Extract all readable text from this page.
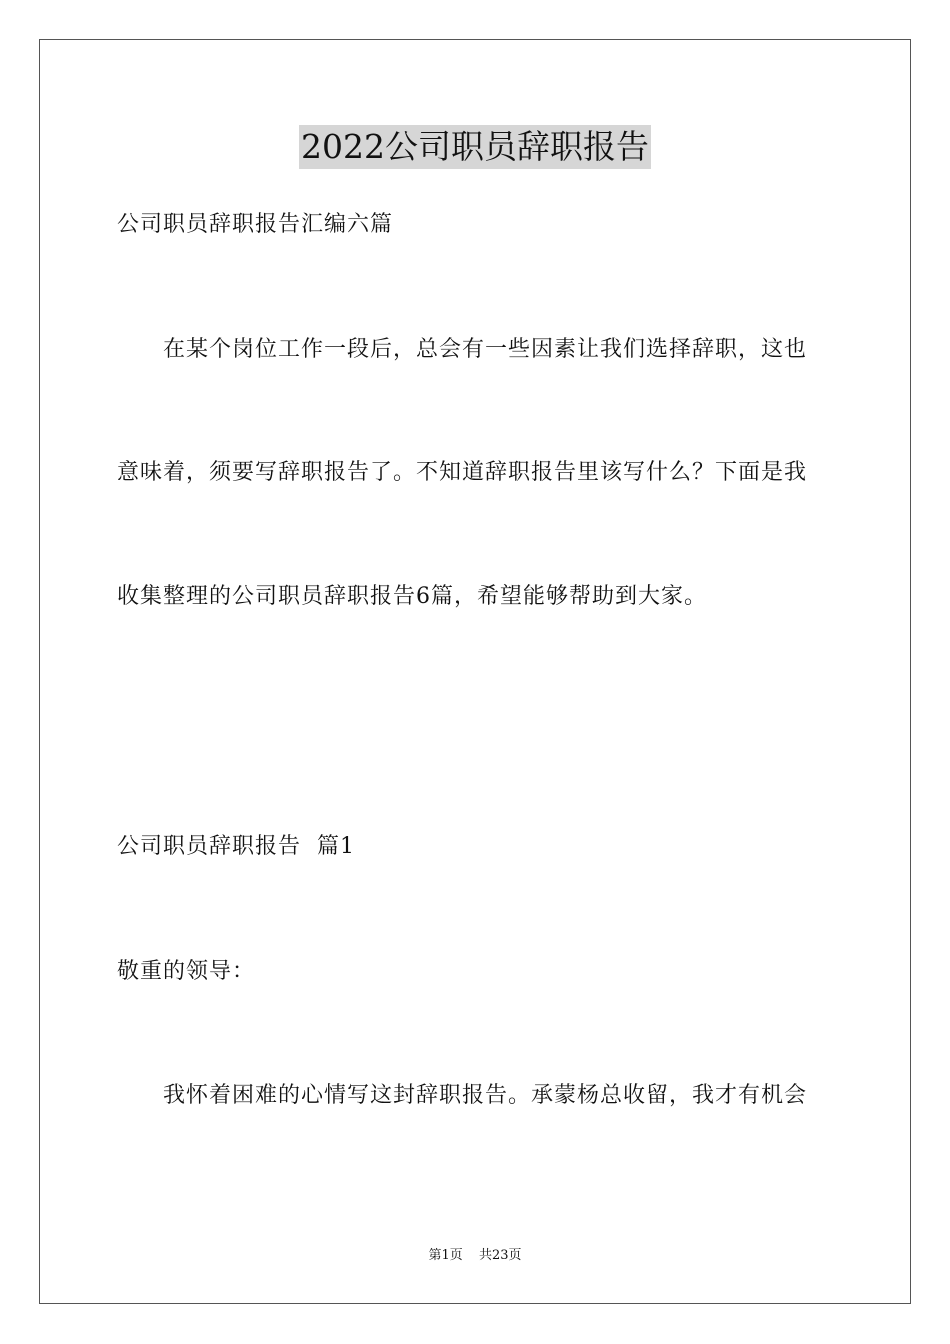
2022公司职员辞职报告
公司职员辞职报告汇编六篇
在某个岗位工作一段后，总会有一些因素让我们选择辞职，这也
意味着，须要写辞职报告了。不知道辞职报告里该写什么？下面是我
收集整理的公司职员辞职报告6篇，希望能够帮助到大家。
公司职员辞职报告  篇1
敬重的领导：
我怀着困难的心情写这封辞职报告。承蒙杨总收留，我才有机会
第1页 共23页
